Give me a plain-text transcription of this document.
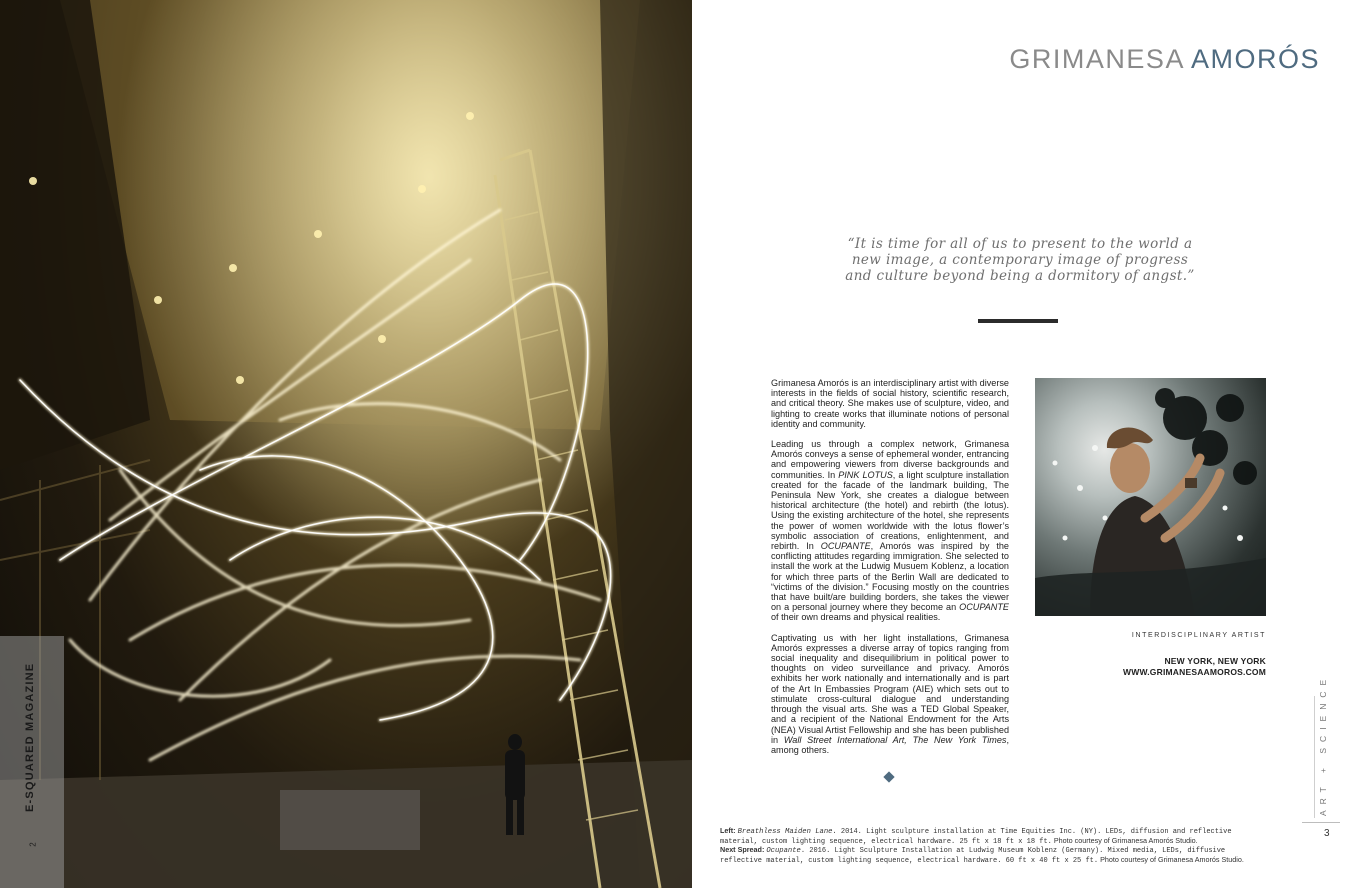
E-SQUARED MAGAZINE
2
GRIMANESA AMORÓS
“It is time for all of us to present to the world a new image, a contemporary image of progress and culture beyond being a dormitory of angst.”

Grimanesa Amorós is an interdisciplinary artist with diverse interests in the fields of social history, scientific research, and critical theory. She makes use of sculpture, video, and lighting to create works that illuminate notions of personal identity and community.

Leading us through a complex network, Grimanesa Amorós conveys a sense of ephemeral wonder, entrancing and empowering viewers from diverse backgrounds and communities. In PINK LOTUS, a light sculpture installation created for the facade of the landmark building, The Peninsula New York, she creates a dialogue between historical architecture (the hotel) and rebirth (the lotus). Using the existing architecture of the hotel, she represents the power of women worldwide with the lotus flower’s symbolic association of creations, enlightenment, and rebirth. In OCUPANTE, Amorós was inspired by the conflicting attitudes regarding immigration. She selected to install the work at the Ludwig Musuem Koblenz, a location for which three parts of the Berlin Wall are dedicated to “victims of the division.” Focusing mostly on the countries that have built/are building borders, she takes the viewer on a personal journey where they become an OCUPANTE of their own dreams and physical realities.

Captivating us with her light installations, Grimanesa Amorós expresses a diverse array of topics ranging from social inequality and disequilibrium in political power to thoughts on video surveillance and privacy. Amorós exhibits her work nationally and internationally and is part of the Art In Embassies Program (AIE) which sets out to stimulate cross-cultural dialogue and understanding through the visual arts. She was a TED Global Speaker, and a recipient of the National Endowment for the Arts (NEA) Visual Artist Fellowship and she has been published in Wall Street International Art, The New York Times, among others.

INTERDISCIPLINARY ARTIST
NEW YORK, NEW YORK
WWW.GRIMANESAAMOROS.COM
ART + SCIENCE
3
Left: Breathless Maiden Lane. 2014. Light sculpture installation at Time Equities Inc. (NY). LEDs, diffusion and reflective material, custom lighting sequence, electrical hardware. 25 ft x 18 ft x 18 ft. Photo courtesy of Grimanesa Amorós Studio.
Next Spread: Ocupante. 2016. Light Sculpture Installation at Ludwig Museum Koblenz (Germany). Mixed media, LEDs, diffusive reflective material, custom lighting sequence, electrical hardware. 60 ft x 40 ft x 25 ft. Photo courtesy of Grimanesa Amorós Studio.
